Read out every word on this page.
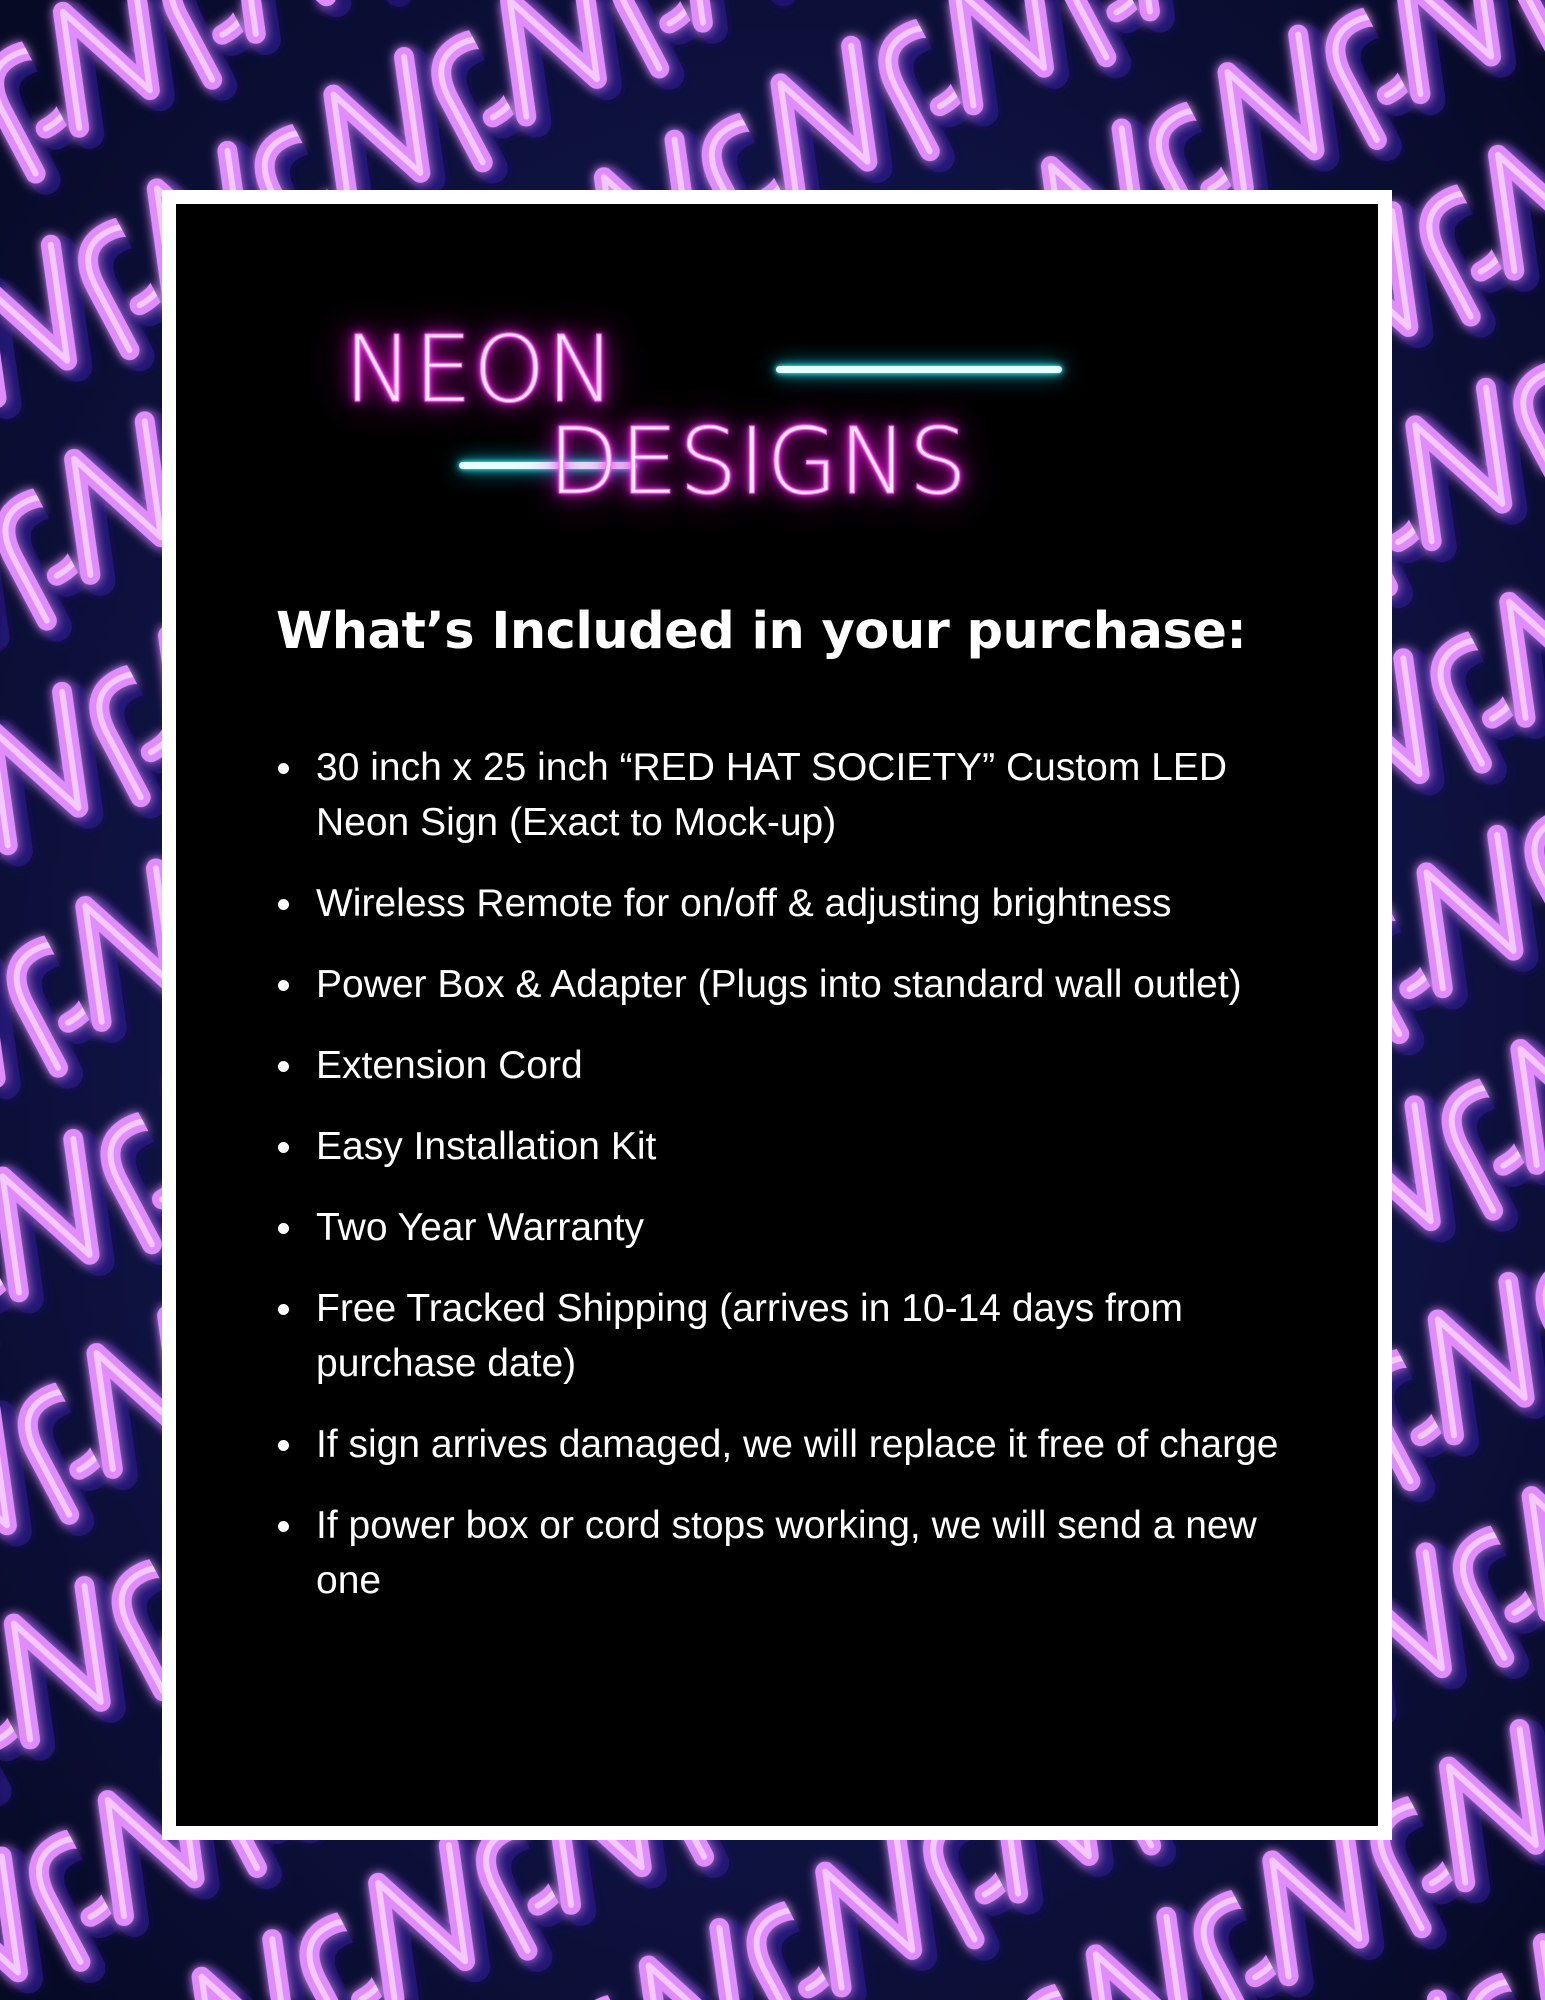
NEON
DESIGNS
What’s Included in your purchase:
30 inch x 25 inch “RED HAT SOCIETY” Custom LED Neon Sign (Exact to Mock-up)
Wireless Remote for on/off & adjusting brightness
Power Box & Adapter (Plugs into standard wall outlet)
Extension Cord
Easy Installation Kit
Two Year Warranty
Free Tracked Shipping (arrives in 10-14 days from purchase date)
If sign arrives damaged, we will replace it free of charge
If power box or cord stops working, we will send a new one
